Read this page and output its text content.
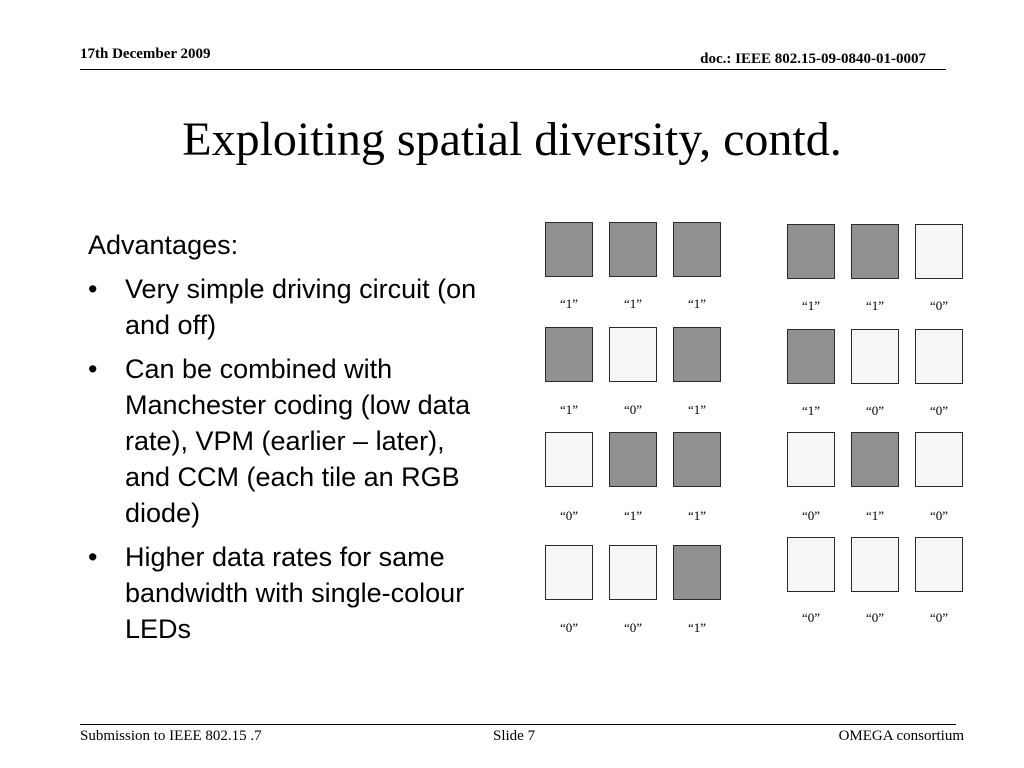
17th December 2009	doc.: IEEE 802.15-09-0840-01-0007
Exploiting spatial diversity, contd.
Advantages:
• Very simple driving circuit (on and off)
• Can be combined with Manchester coding (low data rate), VPM (earlier – later), and CCM (each tile an RGB diode)
• Higher data rates for same bandwidth with single-colour LEDs
“1”	“1”	“1”
“1”	“0”	“1”
“0”	“1”	“1”
“0”	“0”	“1”
“1”	“1”	“0”
“1”	“0”	“0”
“0”	“1”	“0”
“0”	“0”	“0”
Submission to IEEE 802.15 .7	Slide 7	OMEGA consortium
